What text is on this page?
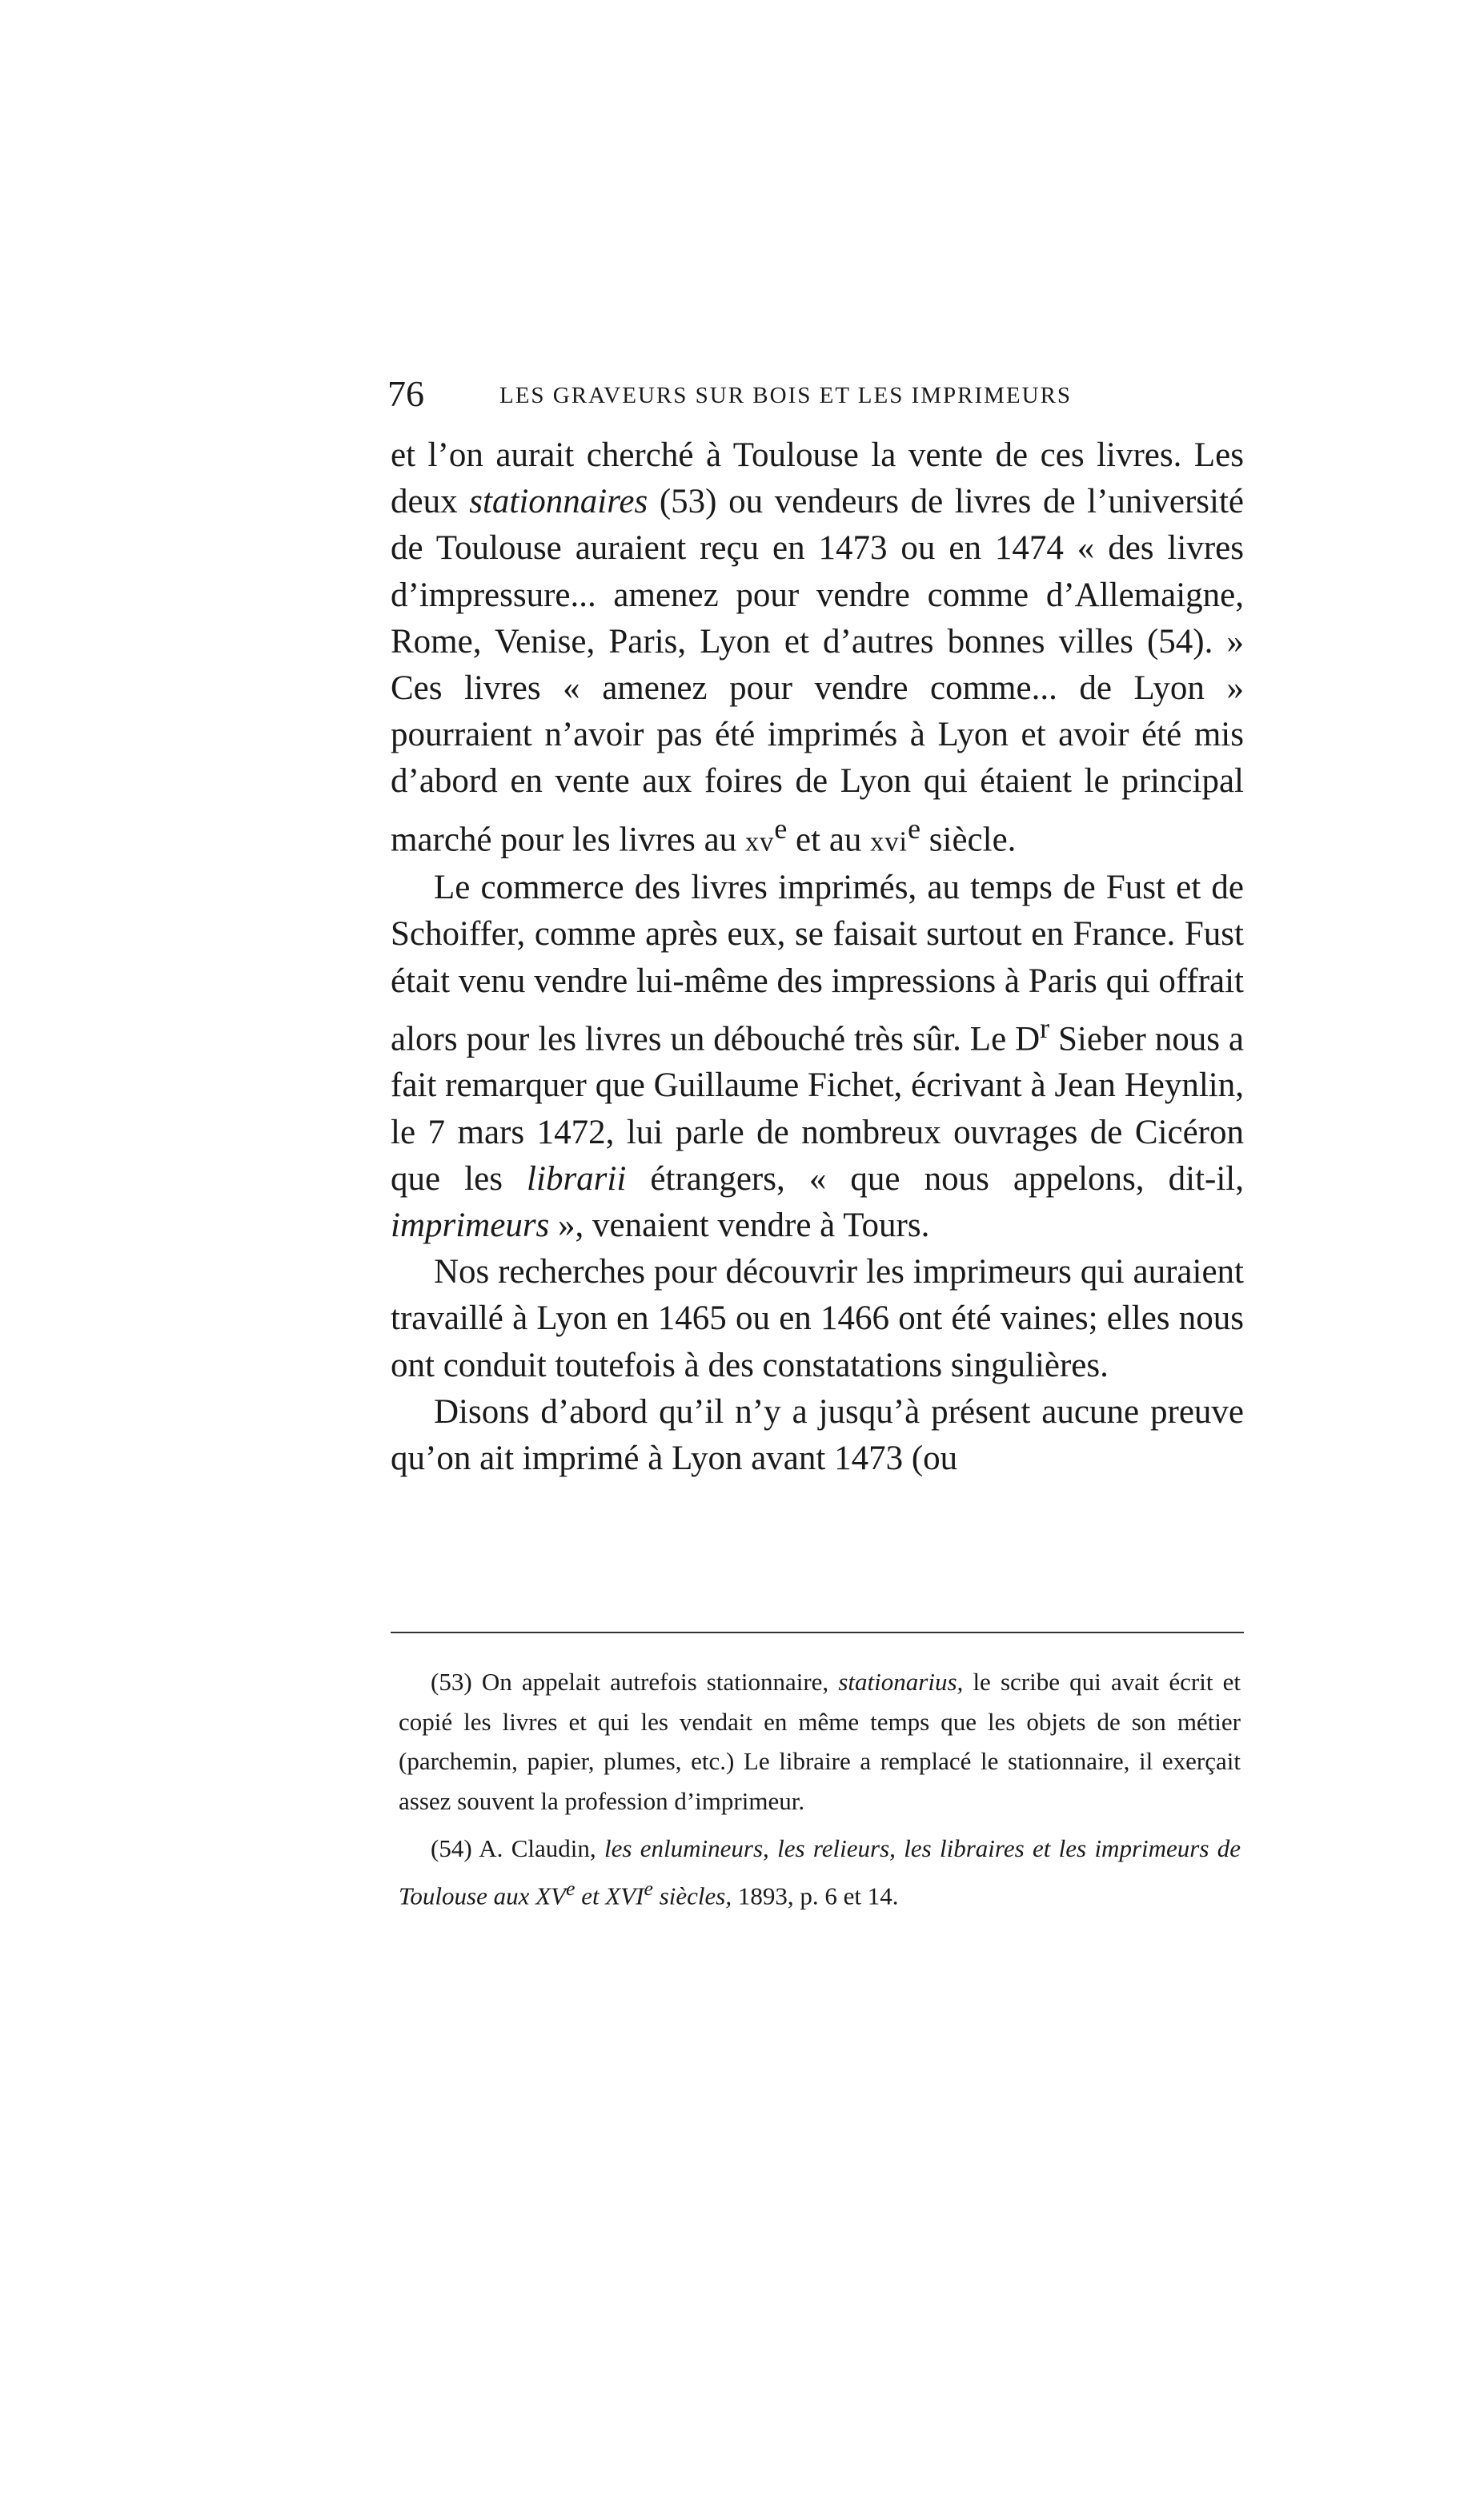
76	LES GRAVEURS SUR BOIS ET LES IMPRIMEURS

et l’on aurait cherché à Toulouse la vente de ces livres. Les deux stationnaires (53) ou vendeurs de livres de l’université de Toulouse auraient reçu en 1473 ou en 1474 « des livres d’impressure... amenez pour vendre comme d’Allemaigne, Rome, Venise, Paris, Lyon et d’autres bonnes villes (54). » Ces livres « amenez pour vendre comme... de Lyon » pourraient n’avoir pas été imprimés à Lyon et avoir été mis d’abord en vente aux foires de Lyon qui étaient le principal marché pour les livres au $xv^e$ et au xvi$^e$ siècle.

Le commerce des livres imprimés, au temps de Fust et de Schoiffer, comme après eux, se faisait surtout en France. Fust était venu vendre lui-même des impressions à Paris qui offrait alors pour les livres un débouché très sûr. Le $D^r$ Sieber nous a fait remarquer que Guillaume Fichet, écrivant à Jean Heynlin, le 7 mars 1472, lui parle de nombreux ouvrages de Cicéron que les librarii étrangers, « que nous appelons, dit-il, imprimeurs », venaient vendre à Tours.

Nos recherches pour découvrir les imprimeurs qui auraient travaillé à Lyon en 1465 ou en 1466 ont été vaines; elles nous ont conduit toutefois à des constatations singulières.

Disons d’abord qu’il n’y a jusqu’à présent aucune preuve qu’on ait imprimé à Lyon avant 1473 (ou

(53) On appelait autrefois stationnaire, stationarius, le scribe qui avait écrit et copié les livres et qui les vendait en même temps que les objets de son métier (parchemin, papier, plumes, etc.) Le libraire a remplacé le stationnaire, il exerçait assez souvent la profession d’imprimeur.

(54) A. Claudin, les enlumineurs, les relieurs, les libraires et les imprimeurs de Toulouse aux XVe et XVIe siècles, 1893, p. 6 et 14.
